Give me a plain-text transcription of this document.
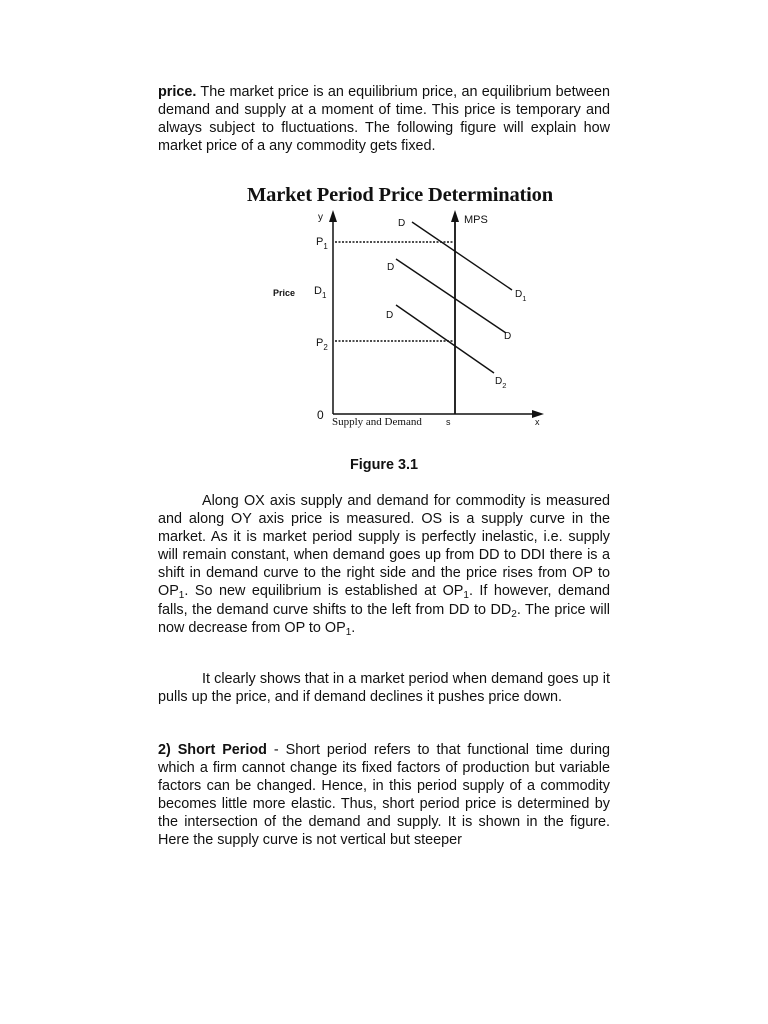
price. The market price is an equilibrium price, an equilibrium between demand and supply at a moment of time. This price is temporary and always subject to fluctuations. The following figure will explain how market price of a any commodity gets fixed.

Market Period Price Determination
y
x
0	s
Supply and Demand
Price
$P_1$
$D_1$
$P_2$
MPS
D
$D_1$
D
D
D
$D_2$
Figure 3.1

Along OX axis supply and demand for commodity is measured and along OY axis price is measured. OS is a supply curve in the market. As it is market period supply is perfectly inelastic, i.e. supply will remain constant, when demand goes up from DD to DDI there is a shift in demand curve to the right side and the price rises from OP to $OP_1$. So new equilibrium is established at $OP_1$. If however, demand falls, the demand curve shifts to the left from DD to $DD_2$. The price will now decrease from OP to $OP_1$.

It clearly shows that in a market period when demand goes up it pulls up the price, and if demand declines it pushes price down.

2) Short Period - Short period refers to that functional time during which a firm cannot change its fixed factors of production but variable factors can be changed. Hence, in this period supply of a commodity becomes little more elastic. Thus, short period price is determined by the intersection of the demand and supply. It is shown in the figure. Here the supply curve is not vertical but steeper
